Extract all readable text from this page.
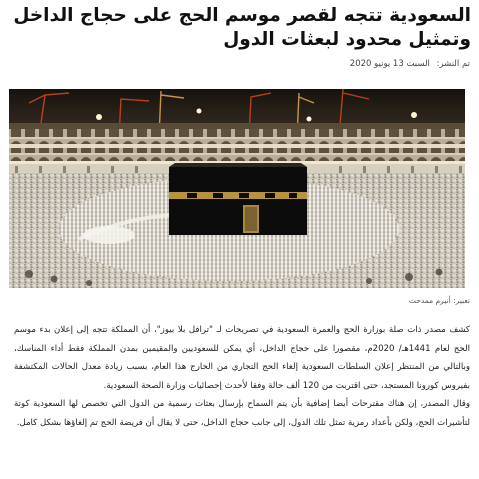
السعودية تتجه لقصر موسم الحج على حجاج الداخل وتمثيل محدود لبعثات الدول
تم النشر: السبت 13 يونيو 2020
تعبير: أنيرم ممدحت

كشف مصدر ذات صلة بوزارة الحج والعمرة السعودية في تصريحات لـ "ترافل بلا بيوز"، أن المملكة تتجه إلى إعلان بدء موسم الحج لعام 1441هـ/ 2020م، مقصورا على حجاج الداخل، أي يمكن للسعوديين والمقيمين بمدن المملكة فقط أداء المناسك، وبالتالي من المنتظر إعلان السلطات السعودية إلغاء الحج التجاري من الخارج هذا العام، بسبب زيادة معدل الحالات المكتشفة بفيروس كورونا المستجد، حتى اقتربت من 120 ألف حالة وفقا لأحدث إحصائيات وزارة الصحة السعودية.

وقال المصدر، إن هناك مقترحات أيضا إضافية بأن يتم السماح بإرسال بعثات رسمية من الدول التي تخصص لها السعودية كوتة لتأشيرات الحج، ولكن بأعداد رمزية تمثل تلك الدول، إلى جانب حجاج الداخل، حتى لا يقال أن فريضة الحج تم إلغاؤها بشكل كامل.
